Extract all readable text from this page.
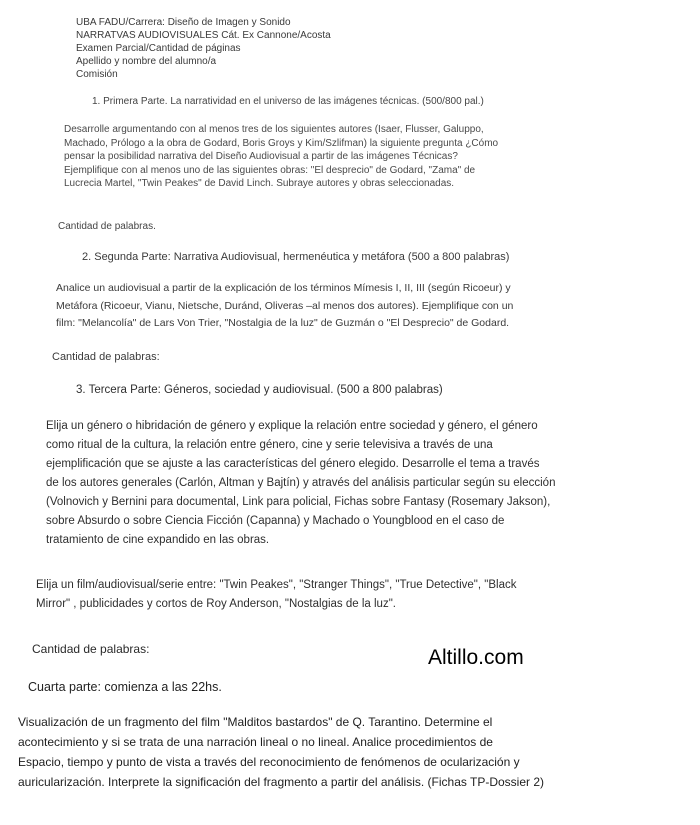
UBA FADU/Carrera: Diseño de Imagen y Sonido
NARRATVAS AUDIOVISUALES Cát. Ex Cannone/Acosta
Examen Parcial/Cantidad de páginas
Apellido y nombre del alumno/a
Comisión
1. Primera Parte. La narratividad en el universo de las imágenes técnicas. (500/800 pal.)
Desarrolle argumentando con al menos tres de los siguientes autores (Isaer, Flusser, Galuppo,
Machado, Prólogo a la obra de Godard, Boris Groys y Kim/Szlifman) la siguiente pregunta ¿Cómo
pensar la posibilidad narrativa del Diseño Audiovisual a partir de las imágenes Técnicas?
Ejemplifique con al menos uno de las siguientes obras: "El desprecio" de Godard, "Zama" de
Lucrecia Martel, "Twin Peakes" de David Linch. Subraye autores y obras seleccionadas.
Cantidad de palabras.
2. Segunda Parte: Narrativa Audiovisual, hermenéutica y metáfora (500 a 800 palabras)
Analice un audiovisual a partir de la explicación de los términos Mímesis I, II, III (según Ricoeur) y
Metáfora (Ricoeur, Vianu, Nietsche, Duránd, Oliveras –al menos dos autores). Ejemplifique con un
film: "Melancolía" de Lars Von Trier, "Nostalgia de la luz" de Guzmán o "El Desprecio" de Godard.
Cantidad de palabras:
3. Tercera Parte: Géneros, sociedad y audiovisual. (500 a 800 palabras)
Elija un género o hibridación de género y explique la relación entre sociedad y género, el género
como ritual de la cultura, la relación entre género, cine y serie televisiva a través de una
ejemplificación que se ajuste a las características del género elegido. Desarrolle el tema a través
de los autores generales (Carlón, Altman y Bajtín) y através del análisis particular según su elección
(Volnovich y Bernini para documental, Link para policial, Fichas sobre Fantasy (Rosemary Jakson),
sobre Absurdo o sobre Ciencia Ficción (Capanna) y Machado o Youngblood en el caso de
tratamiento de cine expandido en las obras.
Elija un film/audiovisual/serie entre: "Twin Peakes", "Stranger Things", "True Detective", "Black
Mirror" , publicidades y cortos de Roy Anderson, "Nostalgias de la luz".
Cantidad de palabras:	Altillo.com
Cuarta parte: comienza a las 22hs.
Visualización de un fragmento del film "Malditos bastardos" de Q. Tarantino. Determine el
acontecimiento y si se trata de una narración lineal o no lineal. Analice procedimientos de
Espacio, tiempo y punto de vista a través del reconocimiento de fenómenos de ocularización y
auricularización. Interprete la significación del fragmento a partir del análisis. (Fichas TP-Dossier 2)
